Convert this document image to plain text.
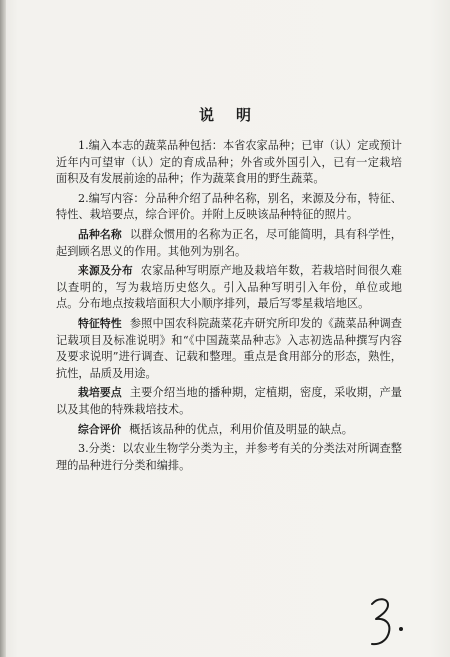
说 明

1.编入本志的蔬菜品种包括：本省农家品种；已审（认）定或预计近年内可望审（认）定的育成品种；外省或外国引入，已有一定栽培面积及有发展前途的品种；作为蔬菜食用的野生蔬菜。

2.编写内容：分品种介绍了品种名称，别名，来源及分布，特征、特性、栽培要点，综合评价。并附上反映该品种特征的照片。

品种名称 以群众惯用的名称为正名，尽可能简明，具有科学性，起到顾名思义的作用。其他列为别名。

来源及分布 农家品种写明原产地及栽培年数，若栽培时间很久难以查明的，写为栽培历史悠久。引入品种写明引入年份，单位或地点。分布地点按栽培面积大小顺序排列，最后写零星栽培地区。

特征特性 参照中国农科院蔬菜花卉研究所印发的《蔬菜品种调查记载项目及标准说明》和“《中国蔬菜品种志》入志初选品种撰写内容及要求说明”进行调查、记载和整理。重点是食用部分的形态，熟性，抗性，品质及用途。

栽培要点 主要介绍当地的播种期，定植期，密度，采收期，产量以及其他的特殊栽培技术。

综合评价 概括该品种的优点，利用价值及明显的缺点。

3.分类：以农业生物学分类为主，并参考有关的分类法对所调查整理的品种进行分类和编排。
